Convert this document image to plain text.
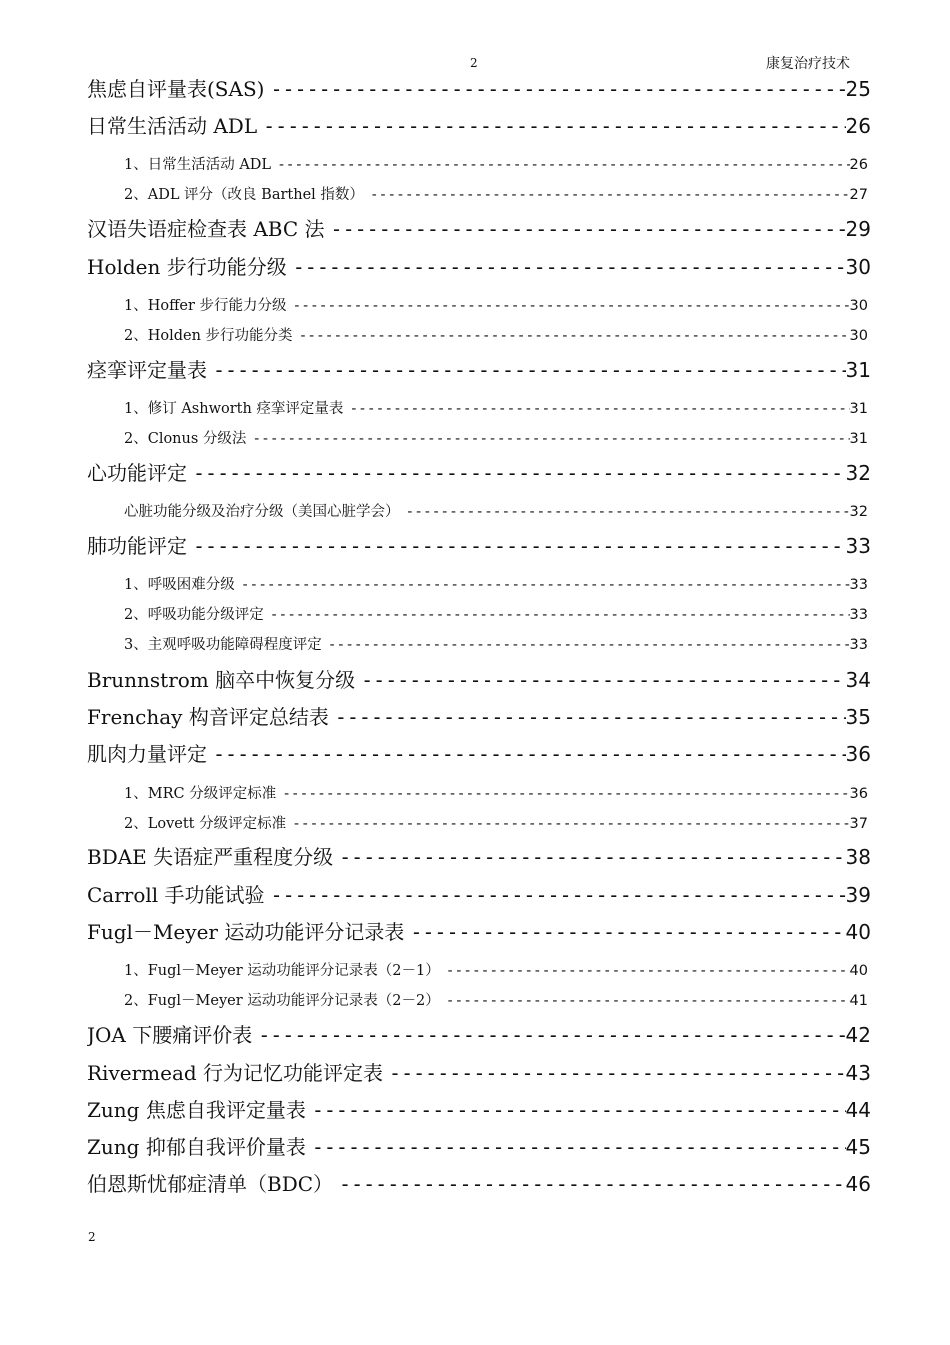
2	康复治疗技术
焦虑自评量表(SAS) -----	25
日常生活活动 ADL -----	26
1、日常生活活动 ADL -----	26
2、ADL 评分（改良 Barthel 指数） -----	27
汉语失语症检查表 ABC 法 -----	29
Holden 步行功能分级 -----	30
1、Hoffer 步行能力分级 -----	30
2、Holden 步行功能分类 -----	30
痉挛评定量表 -----	31
1、修订 Ashworth 痉挛评定量表 -----	31
2、Clonus 分级法 -----	31
心功能评定 -----	32
心脏功能分级及治疗分级（美国心脏学会） -----	32
肺功能评定 -----	33
1、呼吸困难分级 -----	33
2、呼吸功能分级评定 -----	33
3、主观呼吸功能障碍程度评定 -----	33
Brunnstrom 脑卒中恢复分级 -----	34
Frenchay 构音评定总结表 -----	35
肌肉力量评定 -----	36
1、MRC 分级评定标准 -----	36
2、Lovett 分级评定标准 -----	37
BDAE 失语症严重程度分级 -----	38
Carroll 手功能试验 -----	39
Fugl－Meyer 运动功能评分记录表 -----	40
1、Fugl－Meyer 运动功能评分记录表（2－1） -----	40
2、Fugl－Meyer 运动功能评分记录表（2－2） -----	41
JOA 下腰痛评价表 -----	42
Rivermead 行为记忆功能评定表 -----	43
Zung 焦虑自我评定量表 -----	44
Zung 抑郁自我评价量表 -----	45
伯恩斯忧郁症清单（BDC） -----	46
2
